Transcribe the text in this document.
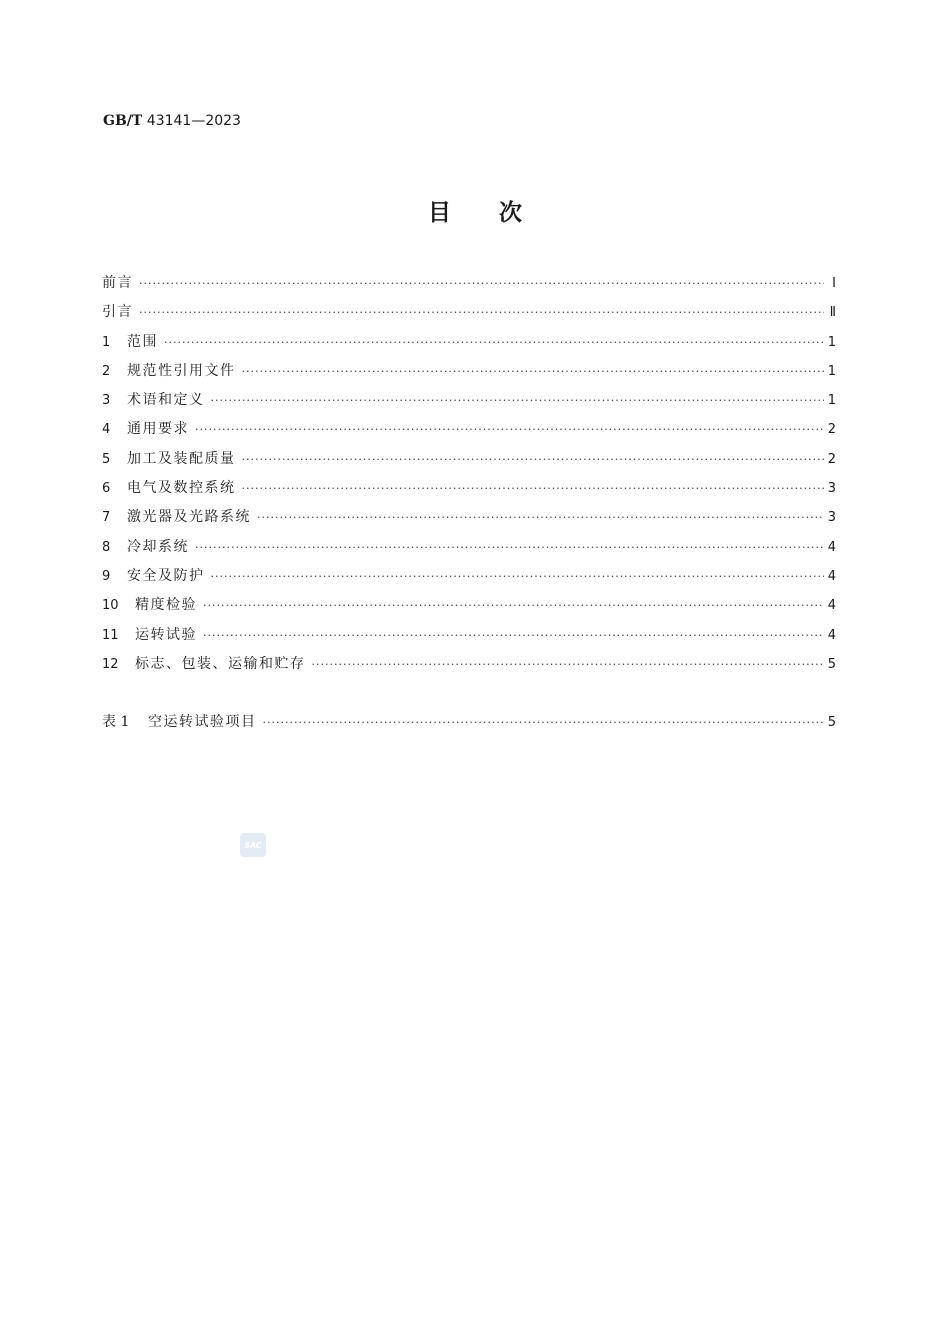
GB/T 43141—2023
目 次
前言 ·····	Ⅰ
引言 ·····	Ⅱ
1	范围 ·····	1
2	规范性引用文件 ·····	1
3	术语和定义 ·····	1
4	通用要求 ·····	2
5	加工及装配质量 ·····	2
6	电气及数控系统 ·····	3
7	激光器及光路系统 ·····	3
8	冷却系统 ·····	4
9	安全及防护 ·····	4
10	精度检验 ·····	4
11	运转试验 ·····	4
12	标志、包装、运输和贮存 ·····	5
表 1	空运转试验项目 ·····	5
SAC
